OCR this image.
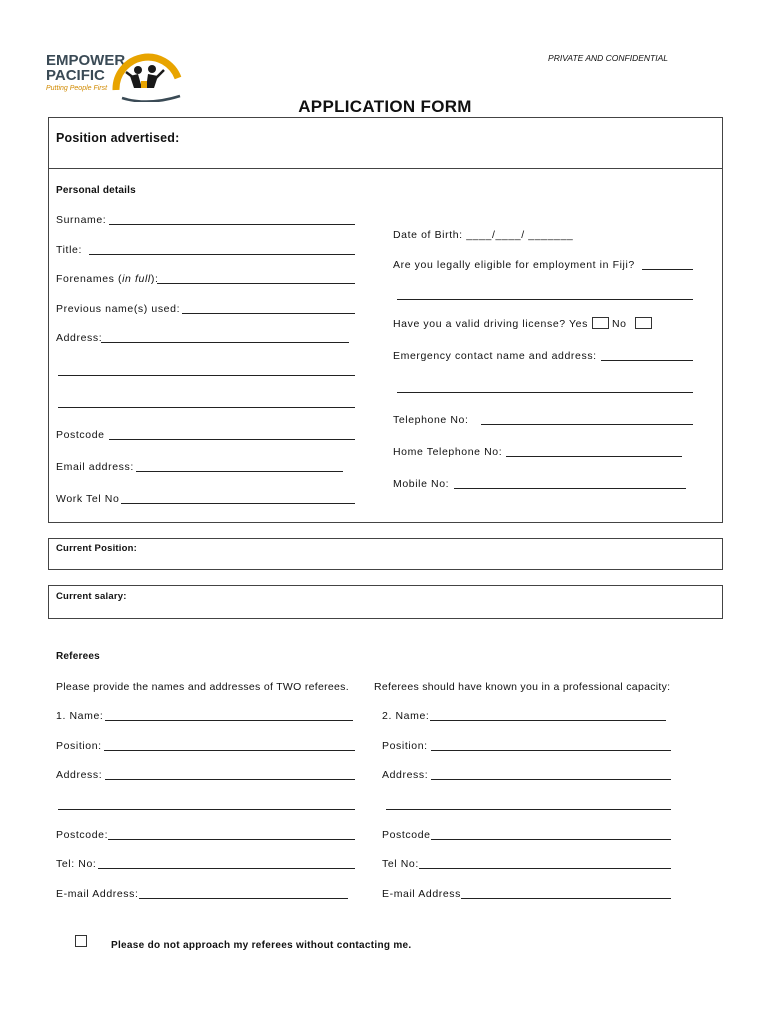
EMPOWER
PACIFIC
Putting People First
PRIVATE AND CONFIDENTIAL
APPLICATION FORM
Position advertised:
Personal details
Surname:
Title:
Forenames (in full):
Previous name(s) used:
Address:
Postcode
Email address:
Work Tel No
Date of Birth: ____/____/ _______
Are you legally eligible for employment in Fiji?
Have you a valid driving license? Yes No
Emergency contact name and address:
Telephone No:
Home Telephone No:
Mobile No:
Current Position:
Current salary:
Referees
Please provide the names and addresses of TWO referees. Referees should have known you in a professional capacity:
1. Name:
Position:
Address:
Postcode:
Tel: No:
E-mail Address:
2. Name:
Position:
Address:
Postcode
Tel No:
E-mail Address
Please do not approach my referees without contacting me.
